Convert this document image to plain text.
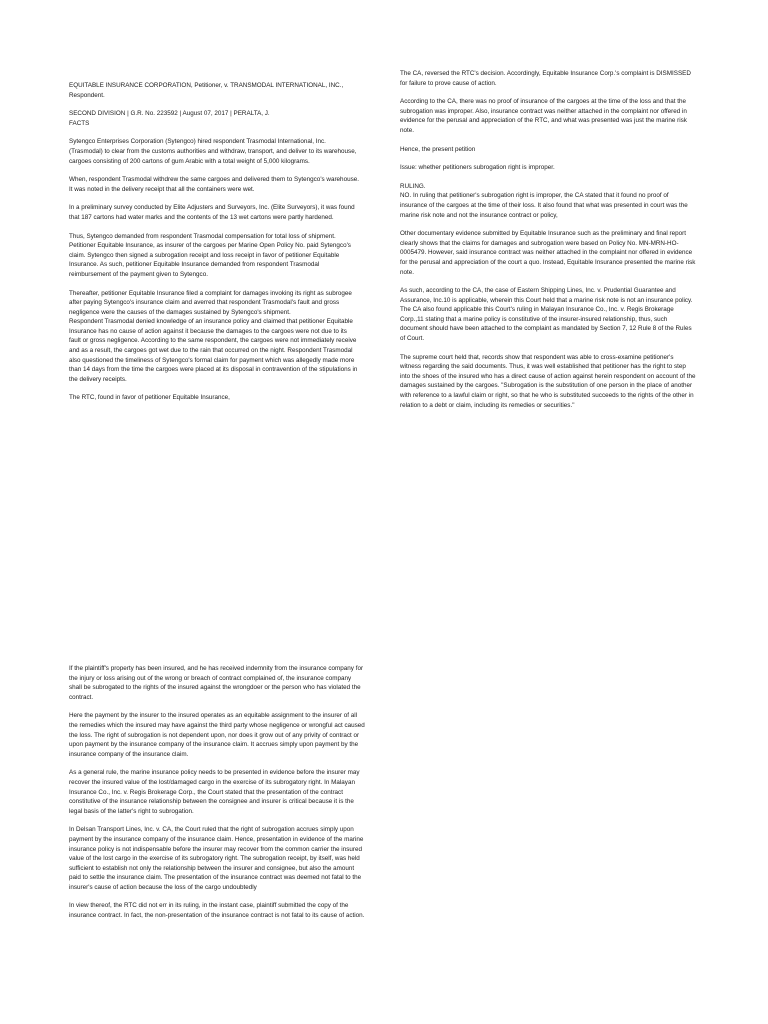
EQUITABLE INSURANCE CORPORATION, Petitioner, v. TRANSMODAL INTERNATIONAL, INC., Respondent.

SECOND DIVISION | G.R. No. 223592 | August 07, 2017 | PERALTA, J.

FACTS

Sytengco Enterprises Corporation (Sytengco) hired respondent Trasmodal International, Inc. (Trasmodal) to clear from the customs authorities and withdraw, transport, and deliver to its warehouse, cargoes consisting of 200 cartons of gum Arabic with a total weight of 5,000 kilograms.

When, respondent Trasmodal withdrew the same cargoes and delivered them to Sytengco's warehouse. It was noted in the delivery receipt that all the containers were wet.

In a preliminary survey conducted by Elite Adjusters and Surveyors, Inc. (Elite Surveyors), it was found that 187 cartons had water marks and the contents of the 13 wet cartons were partly hardened.

Thus, Sytengco demanded from respondent Trasmodal compensation for total loss of shipment. Petitioner Equitable Insurance, as insurer of the cargoes per Marine Open Policy No. paid Sytengco's claim. Sytengco then signed a subrogation receipt and loss receipt in favor of petitioner Equitable Insurance. As such, petitioner Equitable Insurance demanded from respondent Trasmodal reimbursement of the payment given to Sytengco.

Thereafter, petitioner Equitable Insurance filed a complaint for damages invoking its right as subrogee after paying Sytengco's insurance claim and averred that respondent Trasmodal's fault and gross negligence were the causes of the damages sustained by Sytengco's shipment.

Respondent Trasmodal denied knowledge of an insurance policy and claimed that petitioner Equitable Insurance has no cause of action against it because the damages to the cargoes were not due to its fault or gross negligence. According to the same respondent, the cargoes were not immediately receive and as a result, the cargoes got wet due to the rain that occurred on the night. Respondent Trasmodal also questioned the timeliness of Sytengco's formal claim for payment which was allegedly made more than 14 days from the time the cargoes were placed at its disposal in contravention of the stipulations in the delivery receipts.

The RTC, found in favor of petitioner Equitable Insurance,

The CA, reversed the RTC's decision. Accordingly, Equitable Insurance Corp.'s complaint is DISMISSED for failure to prove cause of action.

According to the CA, there was no proof of insurance of the cargoes at the time of the loss and that the subrogation was improper. Also, insurance contract was neither attached in the complaint nor offered in evidence for the perusal and appreciation of the RTC, and what was presented was just the marine risk note.

Hence, the present petition

Issue: whether petitioners subrogation right is improper.

RULING.

NO. In ruling that petitioner's subrogation right is improper, the CA stated that it found no proof of insurance of the cargoes at the time of their loss. It also found that what was presented in court was the marine risk note and not the insurance contract or policy,

Other documentary evidence submitted by Equitable Insurance such as the preliminary and final report clearly shows that the claims for damages and subrogation were based on Policy No. MN-MRN-HO-0005479. However, said insurance contract was neither attached in the complaint nor offered in evidence for the perusal and appreciation of the court a quo. Instead, Equitable Insurance presented the marine risk note.

As such, according to the CA, the case of Eastern Shipping Lines, Inc. v. Prudential Guarantee and Assurance, Inc.10 is applicable, wherein this Court held that a marine risk note is not an insurance policy. The CA also found applicable this Court's ruling in Malayan Insurance Co., Inc. v. Regis Brokerage Corp.,11 stating that a marine policy is constitutive of the insurer-insured relationship, thus, such document should have been attached to the complaint as mandated by Section 7, 12 Rule 8 of the Rules of Court.

The supreme court held that, records show that respondent was able to cross-examine petitioner's witness regarding the said documents. Thus, it was well established that petitioner has the right to step into the shoes of the insured who has a direct cause of action against herein respondent on account of the damages sustained by the cargoes. "Subrogation is the substitution of one person in the place of another with reference to a lawful claim or right, so that he who is substituted succeeds to the rights of the other in relation to a debt or claim, including its remedies or securities."

If the plaintiff's property has been insured, and he has received indemnity from the insurance company for the injury or loss arising out of the wrong or breach of contract complained of, the insurance company shall be subrogated to the rights of the insured against the wrongdoer or the person who has violated the contract.

Here the payment by the insurer to the insured operates as an equitable assignment to the insurer of all the remedies which the insured may have against the third party whose negligence or wrongful act caused the loss. The right of subrogation is not dependent upon, nor does it grow out of any privity of contract or upon payment by the insurance company of the insurance claim. It accrues simply upon payment by the insurance company of the insurance claim.

As a general rule, the marine insurance policy needs to be presented in evidence before the insurer may recover the insured value of the lost/damaged cargo in the exercise of its subrogatory right. In Malayan Insurance Co., Inc. v. Regis Brokerage Corp., the Court stated that the presentation of the contract constitutive of the insurance relationship between the consignee and insurer is critical because it is the legal basis of the latter's right to subrogation.

In Delsan Transport Lines, Inc. v. CA, the Court ruled that the right of subrogation accrues simply upon payment by the insurance company of the insurance claim. Hence, presentation in evidence of the marine insurance policy is not indispensable before the insurer may recover from the common carrier the insured value of the lost cargo in the exercise of its subrogatory right. The subrogation receipt, by itself, was held sufficient to establish not only the relationship between the insurer and consignee, but also the amount paid to settle the insurance claim. The presentation of the insurance contract was deemed not fatal to the insurer's cause of action because the loss of the cargo undoubtedly

In view thereof, the RTC did not err in its ruling, in the instant case, plaintiff submitted the copy of the insurance contract. In fact, the non-presentation of the insurance contract is not fatal to its cause of action.
